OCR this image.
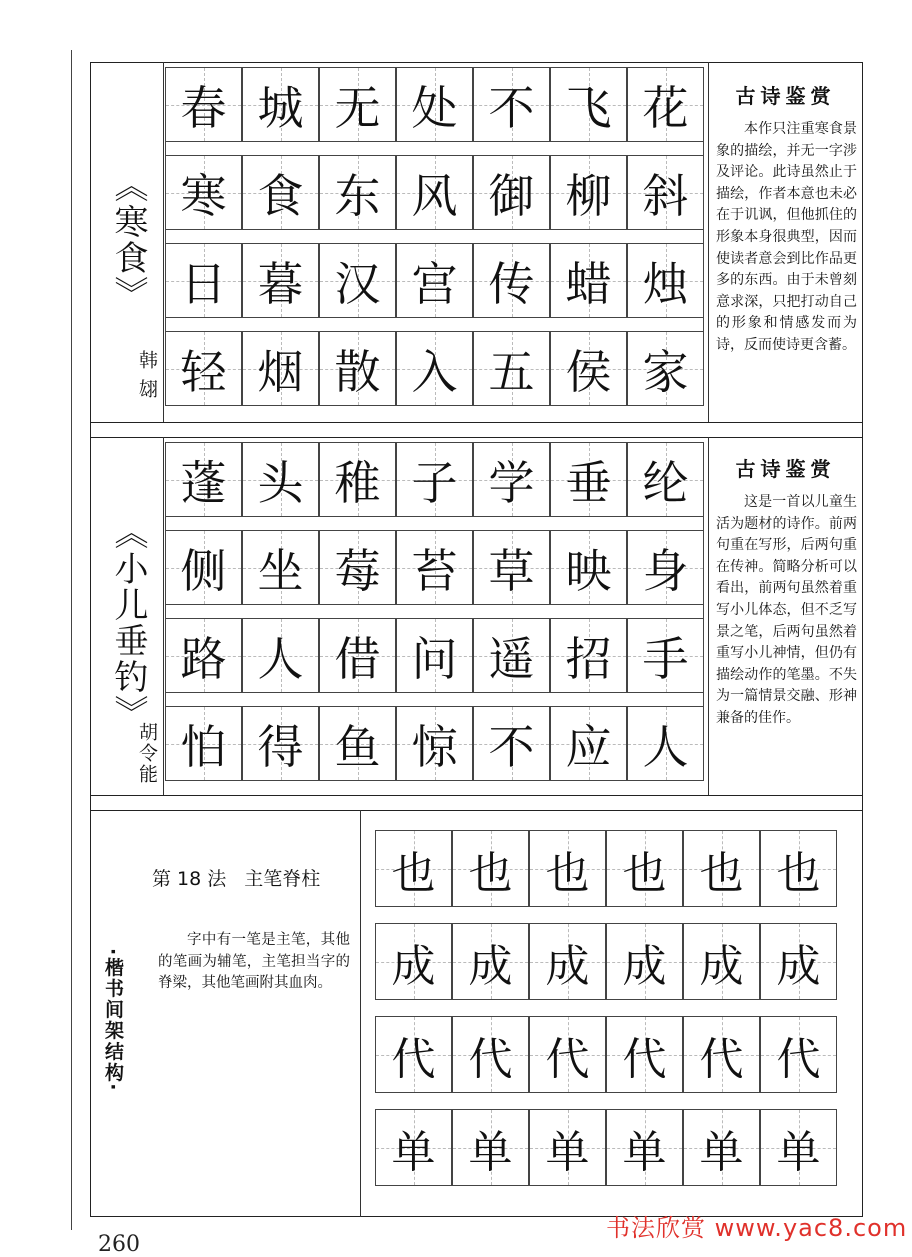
《寒食》
韩翃
春 城 无 处 不 飞 花
寒 食 东 风 御 柳 斜
日 暮 汉 宫 传 蜡 烛
轻 烟 散 入 五 侯 家
古诗鉴赏

本作只注重寒食景象的描绘，并无一字涉及评论。此诗虽然止于描绘，作者本意也未必在于讥讽，但他抓住的形象本身很典型，因而使读者意会到比作品更多的东西。由于未曾刻意求深，只把打动自己的形象和情感发而为诗，反而使诗更含蓄。

《小儿垂钓》
胡令能
蓬 头 稚 子 学 垂 纶
侧 坐 莓 苔 草 映 身
路 人 借 问 遥 招 手
怕 得 鱼 惊 不 应 人
古诗鉴赏

这是一首以儿童生活为题材的诗作。前两句重在写形，后两句重在传神。简略分析可以看出，前两句虽然着重写小儿体态，但不乏写景之笔，后两句虽然着重写小儿神情，但仍有描绘动作的笔墨。不失为一篇情景交融、形神兼备的佳作。

第 18 法 主笔脊柱
字中有一笔是主笔，其他的笔画为辅笔，主笔担当字的脊梁，其他笔画附其血肉。
·楷书间架结构·
也 也 也 也 也 也
成 成 成 成 成 成
代 代 代 代 代 代
单 单 单 单 单 单
260
书法欣赏 www.yac8.com
